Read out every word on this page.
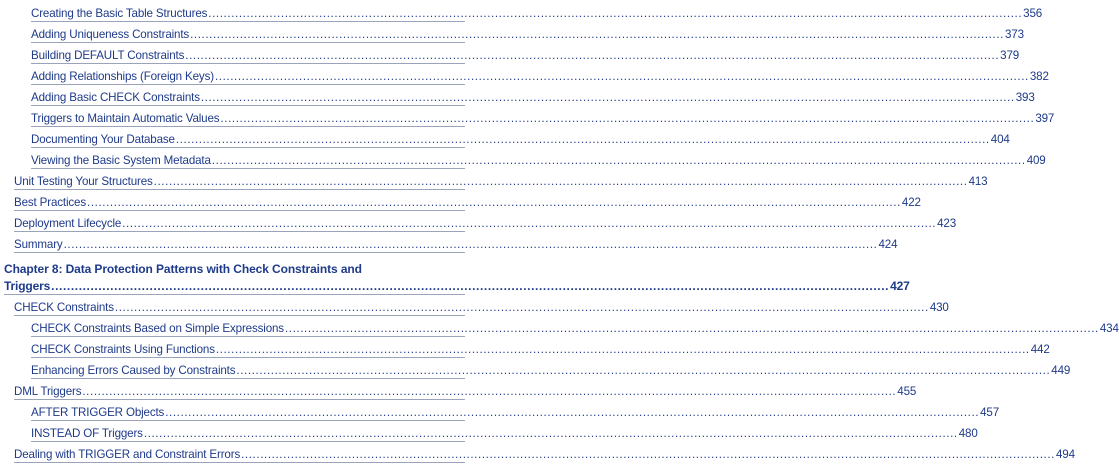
Creating the Basic Table Structures ..................................................................................................................................................................................................................... 356
Adding Uniqueness Constraints ..................................................................................................................................................................................................................... 373
Building DEFAULT Constraints ..................................................................................................................................................................................................................... 379
Adding Relationships (Foreign Keys) ..................................................................................................................................................................................................................... 382
Adding Basic CHECK Constraints ..................................................................................................................................................................................................................... 393
Triggers to Maintain Automatic Values ..................................................................................................................................................................................................................... 397
Documenting Your Database ..................................................................................................................................................................................................................... 404
Viewing the Basic System Metadata ..................................................................................................................................................................................................................... 409
Unit Testing Your Structures ..................................................................................................................................................................................................................... 413
Best Practices ..................................................................................................................................................................................................................... 422
Deployment Lifecycle ..................................................................................................................................................................................................................... 423
Summary ..................................................................................................................................................................................................................... 424
Chapter 8: Data Protection Patterns with Check Constraints and
Triggers ..................................................................................................................................................................................................................... 427
CHECK Constraints ..................................................................................................................................................................................................................... 430
CHECK Constraints Based on Simple Expressions ..................................................................................................................................................................................................................... 434
CHECK Constraints Using Functions ..................................................................................................................................................................................................................... 442
Enhancing Errors Caused by Constraints ..................................................................................................................................................................................................................... 449
DML Triggers ..................................................................................................................................................................................................................... 455
AFTER TRIGGER Objects ..................................................................................................................................................................................................................... 457
INSTEAD OF Triggers ..................................................................................................................................................................................................................... 480
Dealing with TRIGGER and Constraint Errors ..................................................................................................................................................................................................................... 494
